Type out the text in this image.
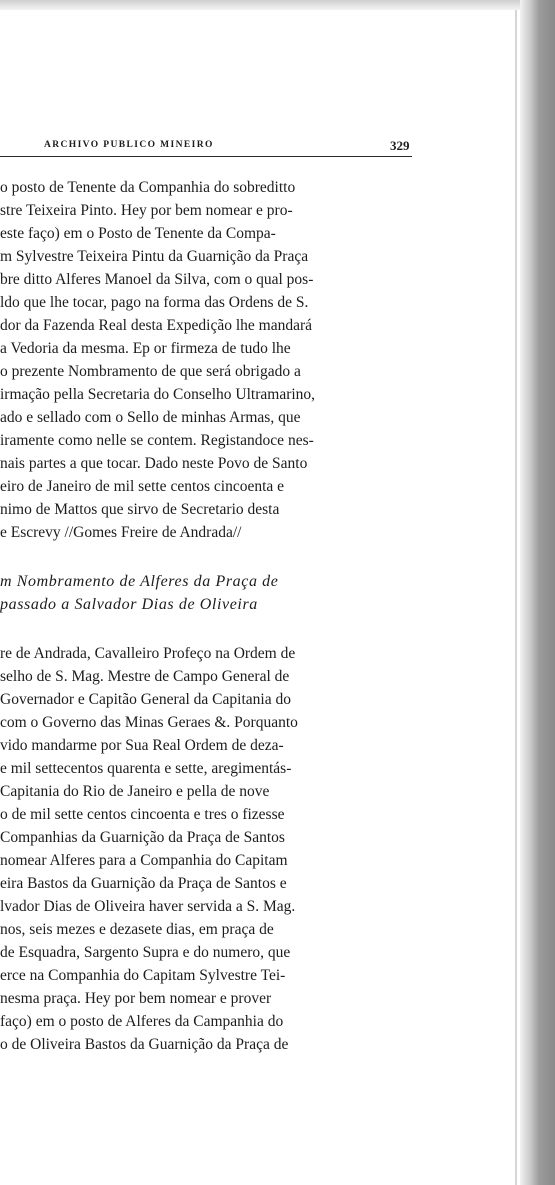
ARCHIVO PUBLICO MINEIRO	329
o posto de Tenente da Companhia do sobreditto
stre Teixeira Pinto. Hey por bem nomear e pro-
este faço) em o Posto de Tenente da Compa-
m Sylvestre Teixeira Pintu da Guarnição da Praça
bre ditto Alferes Manoel da Silva, com o qual pos-
ldo que lhe tocar, pago na forma das Ordens de S.
dor da Fazenda Real desta Expedição lhe mandará
a Vedoria da mesma. Ep or firmeza de tudo lhe
o prezente Nombramento de que será obrigado a
irmação pella Secretaria do Conselho Ultramarino,
ado e sellado com o Sello de minhas Armas, que
iramente como nelle se contem. Registandoce nes-
nais partes a que tocar. Dado neste Povo de Santo
eiro de Janeiro de mil sette centos cincoenta e
nimo de Mattos que sirvo de Secretario desta
e Escrevy //Gomes Freire de Andrada//
m Nombramento de Alferes da Praça de
passado a Salvador Dias de Oliveira
re de Andrada, Cavalleiro Profeço na Ordem de
selho de S. Mag. Mestre de Campo General de
Governador e Capitão General da Capitania do
com o Governo das Minas Geraes &. Porquanto
vido mandarme por Sua Real Ordem de deza-
e mil settecentos quarenta e sette, aregimentás-
Capitania do Rio de Janeiro e pella de nove
o de mil sette centos cincoenta e tres o fizesse
Companhias da Guarnição da Praça de Santos
nomear Alferes para a Companhia do Capitam
eira Bastos da Guarnição da Praça de Santos e
lvador Dias de Oliveira haver servida a S. Mag.
nos, seis mezes e dezasete dias, em praça de
de Esquadra, Sargento Supra e do numero, que
erce na Companhia do Capitam Sylvestre Tei-
nesma praça. Hey por bem nomear e prover
faço) em o posto de Alferes da Campanhia do
o de Oliveira Bastos da Guarnição da Praça de
